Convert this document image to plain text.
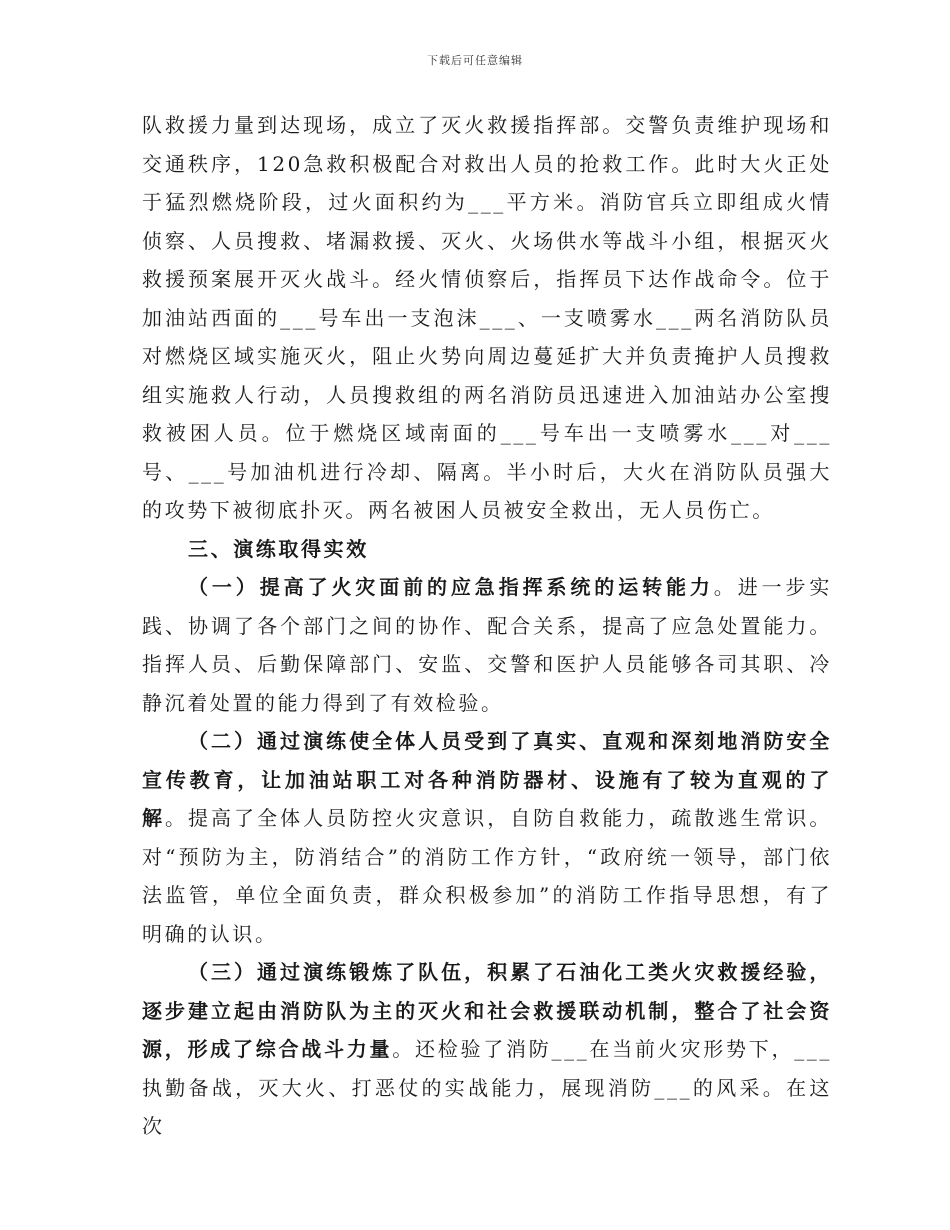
下载后可任意编辑

队救援力量到达现场，成立了灭火救援指挥部。交警负责维护现场和交通秩序，120急救积极配合对救出人员的抢救工作。此时大火正处于猛烈燃烧阶段，过火面积约为___平方米。消防官兵立即组成火情侦察、人员搜救、堵漏救援、灭火、火场供水等战斗小组，根据灭火救援预案展开灭火战斗。经火情侦察后，指挥员下达作战命令。位于加油站西面的___号车出一支泡沫___、一支喷雾水___两名消防队员对燃烧区域实施灭火，阻止火势向周边蔓延扩大并负责掩护人员搜救组实施救人行动，人员搜救组的两名消防员迅速进入加油站办公室搜救被困人员。位于燃烧区域南面的___号车出一支喷雾水___对___号、___号加油机进行冷却、隔离。半小时后，大火在消防队员强大的攻势下被彻底扑灭。两名被困人员被安全救出，无人员伤亡。

三、演练取得实效

（一）提高了火灾面前的应急指挥系统的运转能力。进一步实践、协调了各个部门之间的协作、配合关系，提高了应急处置能力。指挥人员、后勤保障部门、安监、交警和医护人员能够各司其职、冷静沉着处置的能力得到了有效检验。

（二）通过演练使全体人员受到了真实、直观和深刻地消防安全宣传教育，让加油站职工对各种消防器材、设施有了较为直观的了解。提高了全体人员防控火灾意识，自防自救能力，疏散逃生常识。对“预防为主，防消结合”的消防工作方针，“政府统一领导，部门依法监管，单位全面负责，群众积极参加”的消防工作指导思想，有了明确的认识。

（三）通过演练锻炼了队伍，积累了石油化工类火灾救援经验，逐步建立起由消防队为主的灭火和社会救援联动机制，整合了社会资源，形成了综合战斗力量。还检验了消防___在当前火灾形势下，___执勤备战，灭大火、打恶仗的实战能力，展现消防___的风采。在这次
